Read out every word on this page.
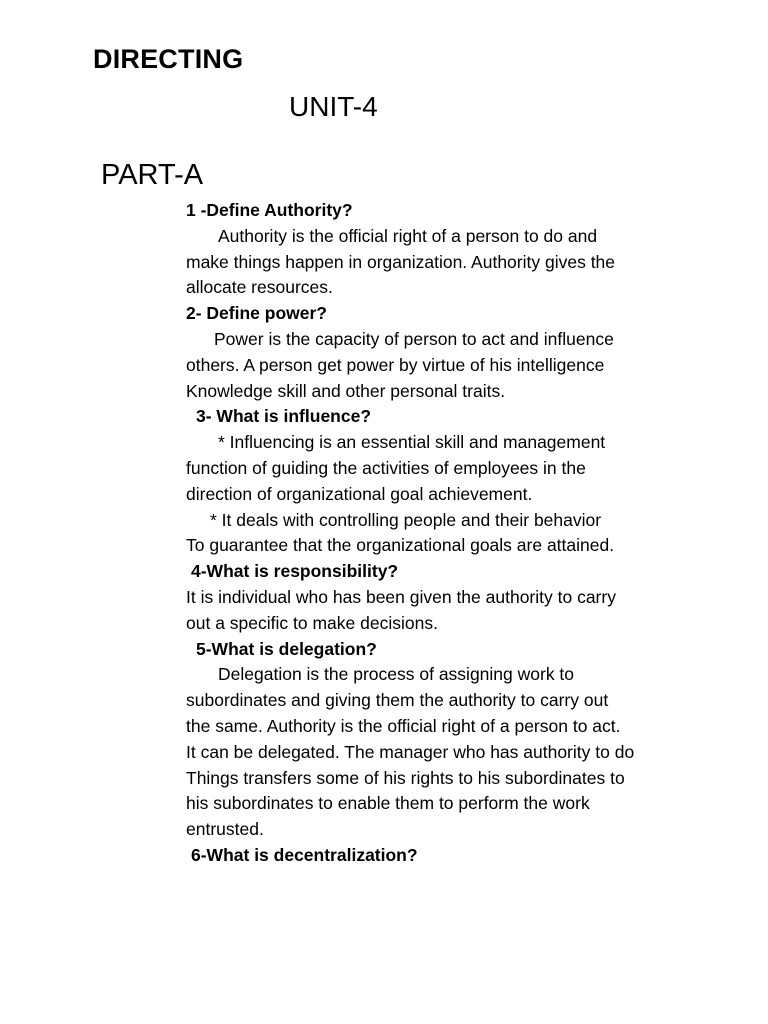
DIRECTING
UNIT-4
PART-A
1 -Define Authority?
Authority is the official right of a person to do and
make things happen in organization. Authority gives the
allocate resources.
2- Define power?
Power is the capacity of person to act and influence
others. A person get power by virtue of his intelligence
Knowledge skill and other personal traits.
3- What is influence?
* Influencing is an essential skill and management
function of guiding the activities of employees in the
direction of organizational goal achievement.
* It deals with controlling people and their behavior
To guarantee that the organizational goals are attained.
4-What is responsibility?
It is individual who has been given the authority to carry
out a specific to make decisions.
5-What is delegation?
Delegation is the process of assigning work to
subordinates and giving them the authority to carry out
the same. Authority is the official right of a person to act.
It can be delegated. The manager who has authority to do
Things transfers some of his rights to his subordinates to
his subordinates to enable them to perform the work
entrusted.
6-What is decentralization?
